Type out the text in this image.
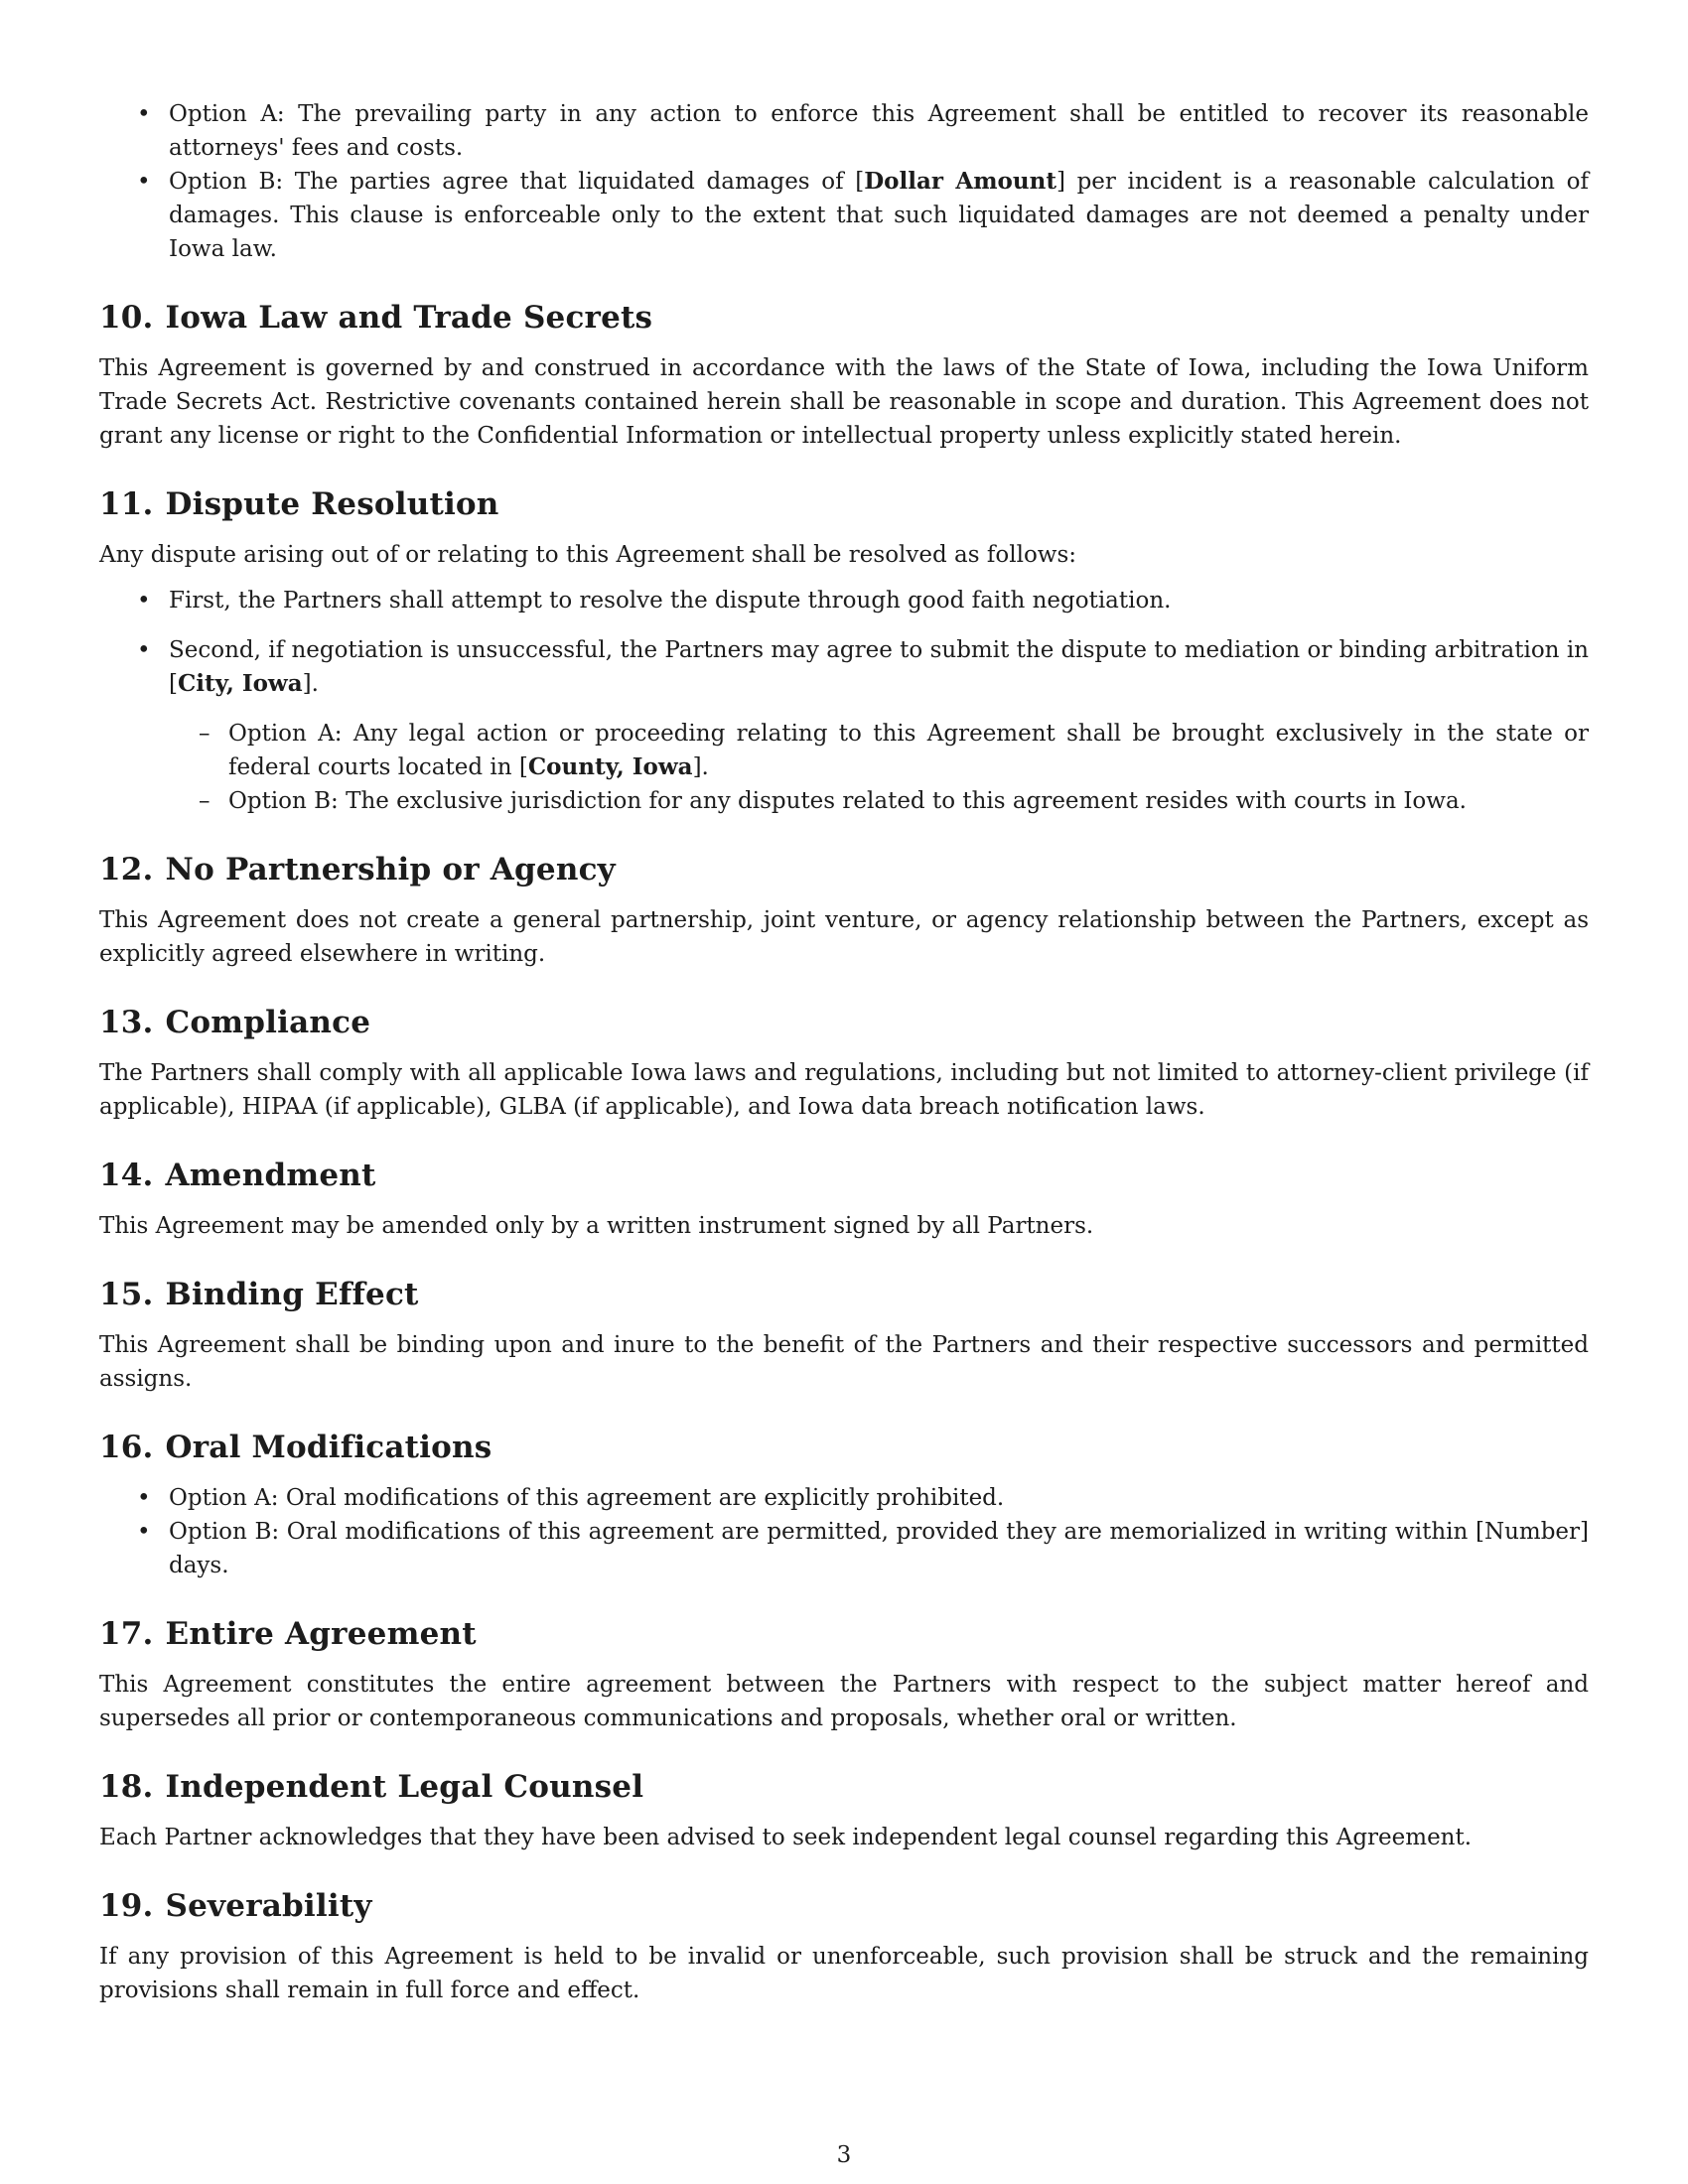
• Option A: The prevailing party in any action to enforce this Agreement shall be entitled to recover its reasonable attorneys' fees and costs.
• Option B: The parties agree that liquidated damages of [Dollar Amount] per incident is a reasonable calculation of damages. This clause is enforceable only to the extent that such liquidated damages are not deemed a penalty under Iowa law.
10. Iowa Law and Trade Secrets

This Agreement is governed by and construed in accordance with the laws of the State of Iowa, including the Iowa Uniform Trade Secrets Act. Restrictive covenants contained herein shall be reasonable in scope and duration. This Agreement does not grant any license or right to the Confidential Information or intellectual property unless explicitly stated herein.

11. Dispute Resolution

Any dispute arising out of or relating to this Agreement shall be resolved as follows:

• First, the Partners shall attempt to resolve the dispute through good faith negotiation.
• Second, if negotiation is unsuccessful, the Partners may agree to submit the dispute to mediation or binding arbitration in [City, Iowa].
– Option A: Any legal action or proceeding relating to this Agreement shall be brought exclusively in the state or federal courts located in [County, Iowa].
– Option B: The exclusive jurisdiction for any disputes related to this agreement resides with courts in Iowa.
12. No Partnership or Agency

This Agreement does not create a general partnership, joint venture, or agency relationship between the Partners, except as explicitly agreed elsewhere in writing.

13. Compliance

The Partners shall comply with all applicable Iowa laws and regulations, including but not limited to attorney-client privilege (if applicable), HIPAA (if applicable), GLBA (if applicable), and Iowa data breach notification laws.

14. Amendment

This Agreement may be amended only by a written instrument signed by all Partners.

15. Binding Effect

This Agreement shall be binding upon and inure to the benefit of the Partners and their respective successors and permitted assigns.

16. Oral Modifications
• Option A: Oral modifications of this agreement are explicitly prohibited.
• Option B: Oral modifications of this agreement are permitted, provided they are memorialized in writing within [Number] days.
17. Entire Agreement

This Agreement constitutes the entire agreement between the Partners with respect to the subject matter hereof and supersedes all prior or contemporaneous communications and proposals, whether oral or written.

18. Independent Legal Counsel

Each Partner acknowledges that they have been advised to seek independent legal counsel regarding this Agreement.

19. Severability

If any provision of this Agreement is held to be invalid or unenforceable, such provision shall be struck and the remaining provisions shall remain in full force and effect.

3
